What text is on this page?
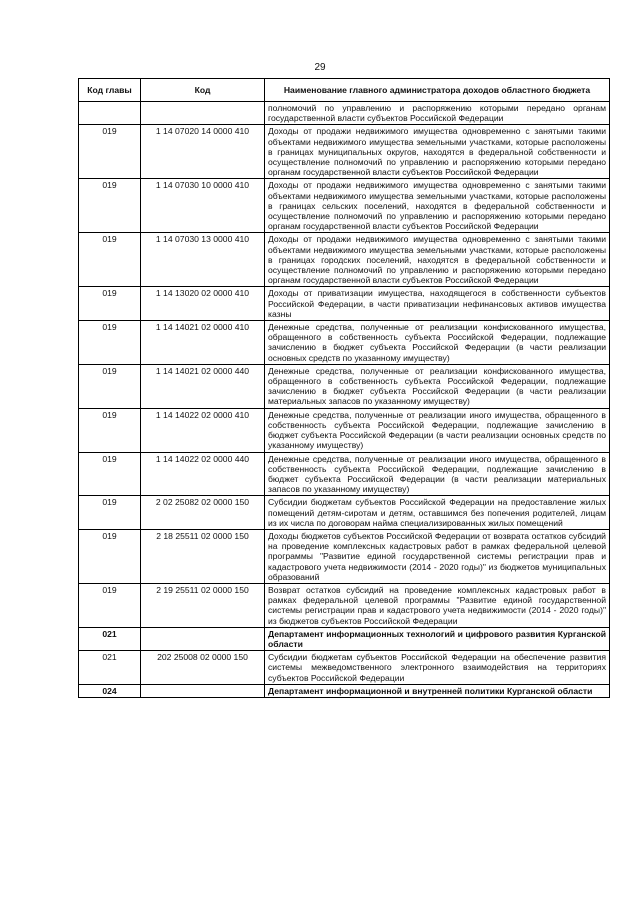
29
Код главы	Код	Наименование главного администратора доходов областного бюджета
		полномочий по управлению и распоряжению которыми передано органам государственной власти субъектов Российской Федерации
019	1 14 07020 14 0000 410	Доходы от продажи недвижимого имущества одновременно с занятыми такими объектами недвижимого имущества земельными участками, которые расположены в границах муниципальных округов, находятся в федеральной собственности и осуществление полномочий по управлению и распоряжению которыми передано органам государственной власти субъектов Российской Федерации
019	1 14 07030 10 0000 410	Доходы от продажи недвижимого имущества одновременно с занятыми такими объектами недвижимого имущества земельными участками, которые расположены в границах сельских поселений, находятся в федеральной собственности и осуществление полномочий по управлению и распоряжению которыми передано органам государственной власти субъектов Российской Федерации
019	1 14 07030 13 0000 410	Доходы от продажи недвижимого имущества одновременно с занятыми такими объектами недвижимого имущества земельными участками, которые расположены в границах городских поселений, находятся в федеральной собственности и осуществление полномочий по управлению и распоряжению которыми передано органам государственной власти субъектов Российской Федерации
019	1 14 13020 02 0000 410	Доходы от приватизации имущества, находящегося в собственности субъектов Российской Федерации, в части приватизации нефинансовых активов имущества казны
019	1 14 14021 02 0000 410	Денежные средства, полученные от реализации конфискованного имущества, обращенного в собственность субъекта Российской Федерации, подлежащие зачислению в бюджет субъекта Российской Федерации (в части реализации основных средств по указанному имуществу)
019	1 14 14021 02 0000 440	Денежные средства, полученные от реализации конфискованного имущества, обращенного в собственность субъекта Российской Федерации, подлежащие зачислению в бюджет субъекта Российской Федерации (в части реализации материальных запасов по указанному имуществу)
019	1 14 14022 02 0000 410	Денежные средства, полученные от реализации иного имущества, обращенного в собственность субъекта Российской Федерации, подлежащие зачислению в бюджет субъекта Российской Федерации (в части реализации основных средств по указанному имуществу)
019	1 14 14022 02 0000 440	Денежные средства, полученные от реализации иного имущества, обращенного в собственность субъекта Российской Федерации, подлежащие зачислению в бюджет субъекта Российской Федерации (в части реализации материальных запасов по указанному имуществу)
019	2 02 25082 02 0000 150	Субсидии бюджетам субъектов Российской Федерации на предоставление жилых помещений детям-сиротам и детям, оставшимся без попечения родителей, лицам из их числа по договорам найма специализированных жилых помещений
019	2 18 25511 02 0000 150	Доходы бюджетов субъектов Российской Федерации от возврата остатков субсидий на проведение комплексных кадастровых работ в рамках федеральной целевой программы "Развитие единой государственной системы регистрации прав и кадастрового учета недвижимости (2014 - 2020 годы)" из бюджетов муниципальных образований
019	2 19 25511 02 0000 150	Возврат остатков субсидий на проведение комплексных кадастровых работ в рамках федеральной целевой программы "Развитие единой государственной системы регистрации прав и кадастрового учета недвижимости (2014 - 2020 годы)" из бюджетов субъектов Российской Федерации
021		Департамент информационных технологий и цифрового развития Курганской области
021	202 25008 02 0000 150	Субсидии бюджетам субъектов Российской Федерации на обеспечение развития системы межведомственного электронного взаимодействия на территориях субъектов Российской Федерации
024		Департамент информационной и внутренней политики Курганской области
